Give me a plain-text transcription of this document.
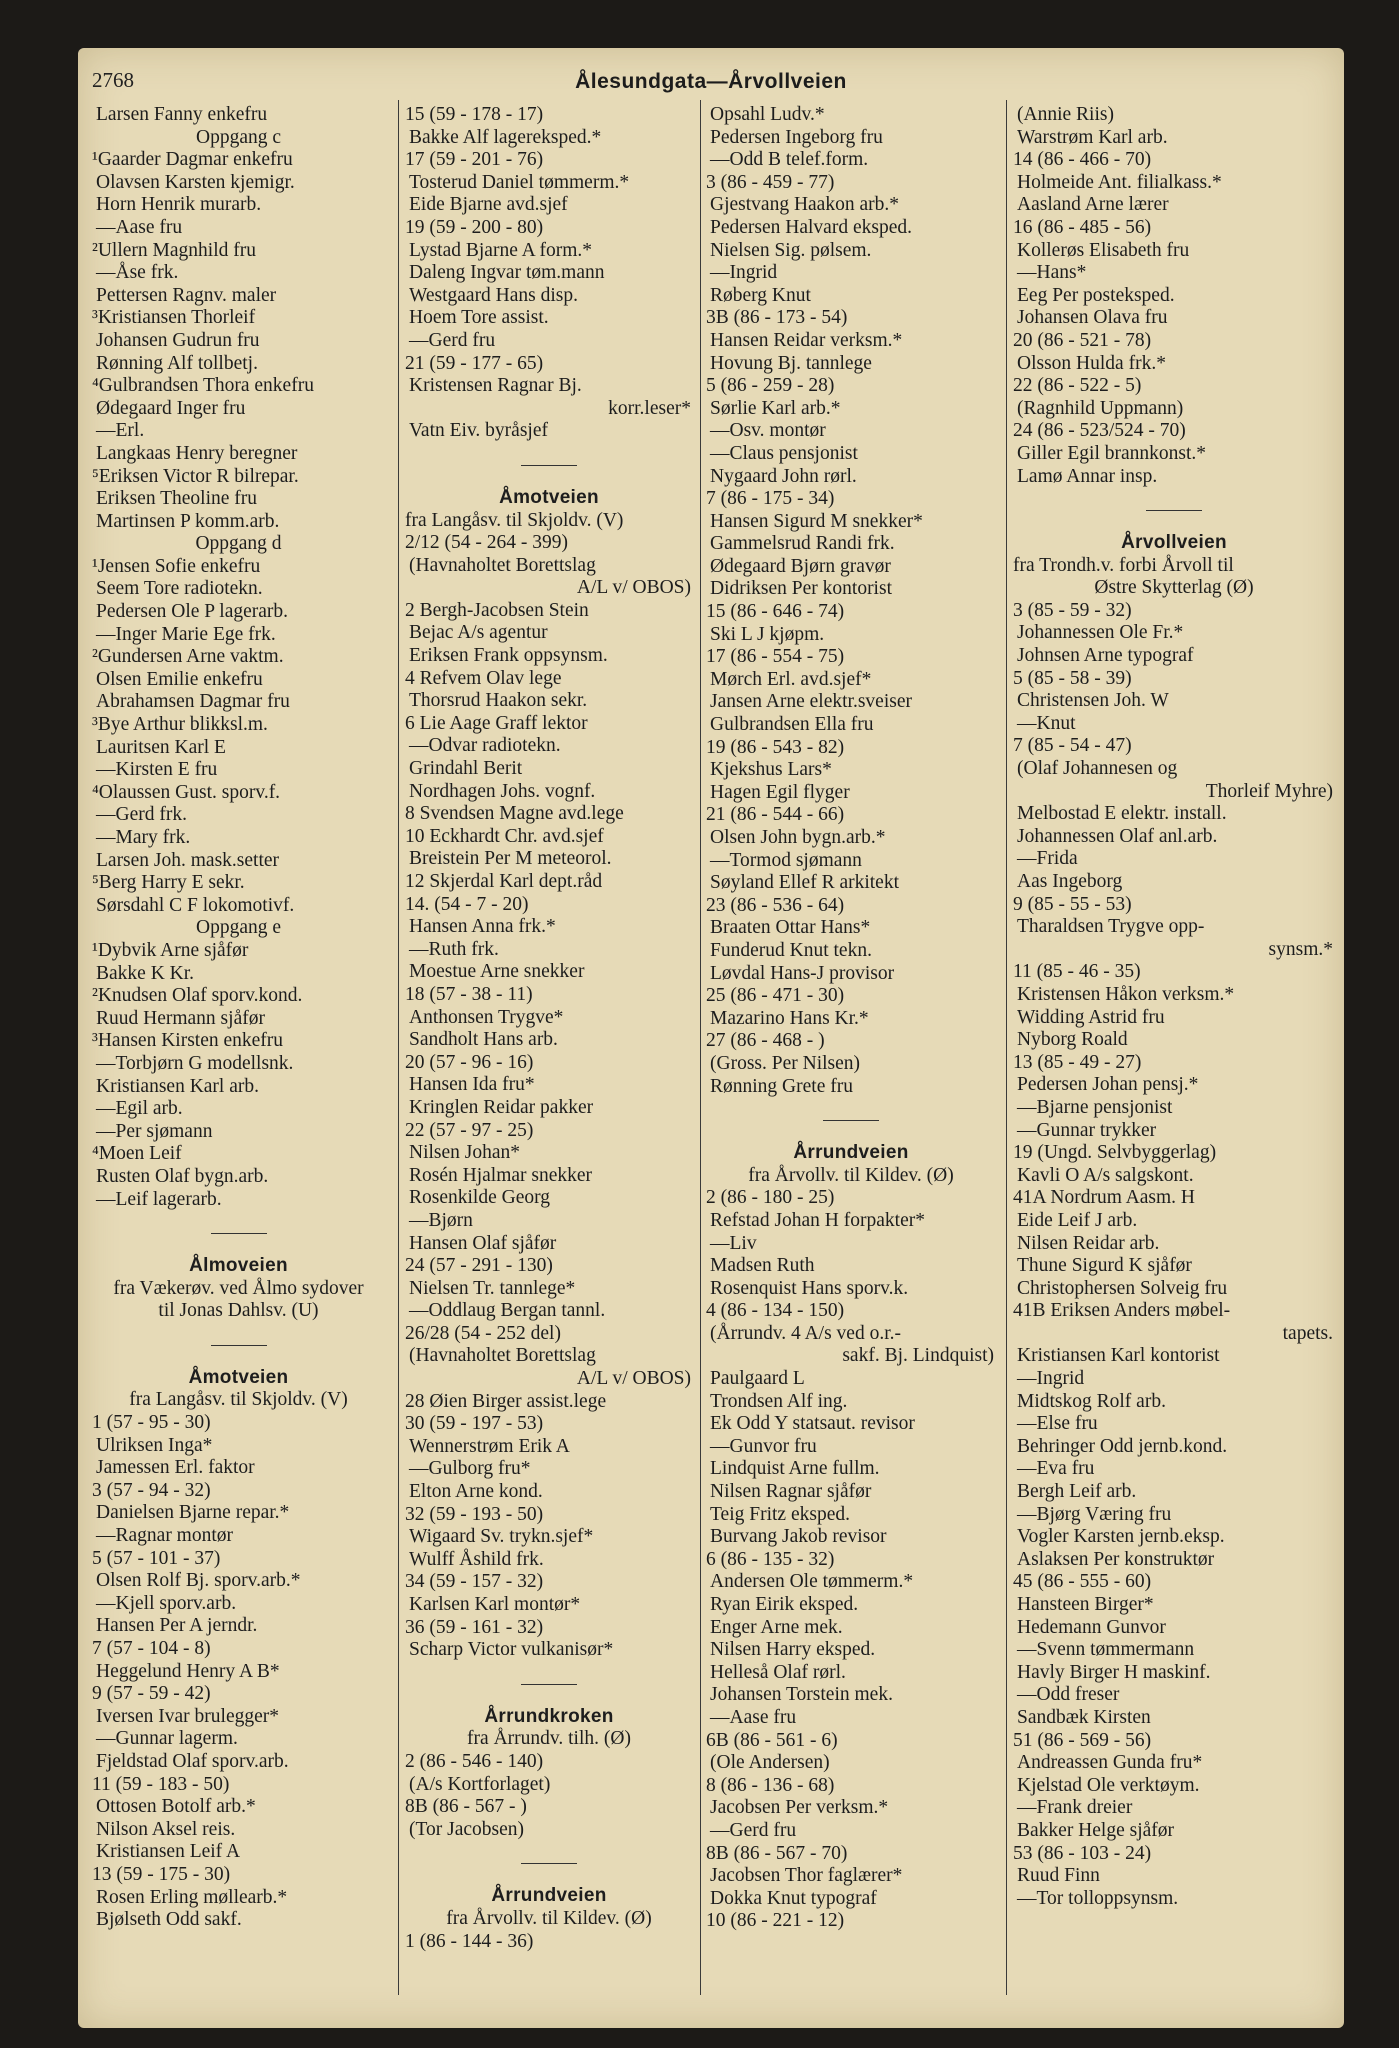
2768	Ålesundgata—Årvollveien
Larsen Fanny enkefru
Oppgang c
¹Gaarder Dagmar enkefru
Olavsen Karsten kjemigr.
Horn Henrik murarb.
—Aase fru
²Ullern Magnhild fru
—Åse frk.
Pettersen Ragnv. maler
³Kristiansen Thorleif
Johansen Gudrun fru
Rønning Alf tollbetj.
⁴Gulbrandsen Thora enkefru
Ødegaard Inger fru
—Erl.
Langkaas Henry beregner
⁵Eriksen Victor R bilrepar.
Eriksen Theoline fru
Martinsen P komm.arb.
Oppgang d
¹Jensen Sofie enkefru
Seem Tore radiotekn.
Pedersen Ole P lagerarb.
—Inger Marie Ege frk.
²Gundersen Arne vaktm.
Olsen Emilie enkefru
Abrahamsen Dagmar fru
³Bye Arthur blikksl.m.
Lauritsen Karl E
—Kirsten E fru
⁴Olaussen Gust. sporv.f.
—Gerd frk.
—Mary frk.
Larsen Joh. mask.setter
⁵Berg Harry E sekr.
Sørsdahl C F lokomotivf.
Oppgang e
¹Dybvik Arne sjåfør
Bakke K Kr.
²Knudsen Olaf sporv.kond.
Ruud Hermann sjåfør
³Hansen Kirsten enkefru
—Torbjørn G modellsnk.
Kristiansen Karl arb.
—Egil arb.
—Per sjømann
⁴Moen Leif
Rusten Olaf bygn.arb.
—Leif lagerarb.
Ålmoveien
fra Vækerøv. ved Ålmo sydover
til Jonas Dahlsv. (U)
Åmotveien
fra Langåsv. til Skjoldv. (V)
1 (57 - 95 - 30)
Ulriksen Inga*
Jamessen Erl. faktor
3 (57 - 94 - 32)
Danielsen Bjarne repar.*
—Ragnar montør
5 (57 - 101 - 37)
Olsen Rolf Bj. sporv.arb.*
—Kjell sporv.arb.
Hansen Per A jerndr.
7 (57 - 104 - 8)
Heggelund Henry A B*
9 (57 - 59 - 42)
Iversen Ivar brulegger*
—Gunnar lagerm.
Fjeldstad Olaf sporv.arb.
11 (59 - 183 - 50)
Ottosen Botolf arb.*
Nilson Aksel reis.
Kristiansen Leif A
13 (59 - 175 - 30)
Rosen Erling møllearb.*
Bjølseth Odd sakf.
15 (59 - 178 - 17)
Bakke Alf lagereksped.*
17 (59 - 201 - 76)
Tosterud Daniel tømmerm.*
Eide Bjarne avd.sjef
19 (59 - 200 - 80)
Lystad Bjarne A form.*
Daleng Ingvar tøm.mann
Westgaard Hans disp.
Hoem Tore assist.
—Gerd fru
21 (59 - 177 - 65)
Kristensen Ragnar Bj.
korr.leser*
Vatn Eiv. byråsjef
Åmotveien
fra Langåsv. til Skjoldv. (V)
2/12 (54 - 264 - 399)
(Havnaholtet Borettslag
A/L v/ OBOS)
2 Bergh-Jacobsen Stein
Bejac A/s agentur
Eriksen Frank oppsynsm.
4 Refvem Olav lege
Thorsrud Haakon sekr.
6 Lie Aage Graff lektor
—Odvar radiotekn.
Grindahl Berit
Nordhagen Johs. vognf.
8 Svendsen Magne avd.lege
10 Eckhardt Chr. avd.sjef
Breistein Per M meteorol.
12 Skjerdal Karl dept.råd
14. (54 - 7 - 20)
Hansen Anna frk.*
—Ruth frk.
Moestue Arne snekker
18 (57 - 38 - 11)
Anthonsen Trygve*
Sandholt Hans arb.
20 (57 - 96 - 16)
Hansen Ida fru*
Kringlen Reidar pakker
22 (57 - 97 - 25)
Nilsen Johan*
Rosén Hjalmar snekker
Rosenkilde Georg
—Bjørn
Hansen Olaf sjåfør
24 (57 - 291 - 130)
Nielsen Tr. tannlege*
—Oddlaug Bergan tannl.
26/28 (54 - 252 del)
(Havnaholtet Borettslag
A/L v/ OBOS)
28 Øien Birger assist.lege
30 (59 - 197 - 53)
Wennerstrøm Erik A
—Gulborg fru*
Elton Arne kond.
32 (59 - 193 - 50)
Wigaard Sv. trykn.sjef*
Wulff Åshild frk.
34 (59 - 157 - 32)
Karlsen Karl montør*
36 (59 - 161 - 32)
Scharp Victor vulkanisør*
Årrundkroken
fra Årrundv. tilh. (Ø)
2 (86 - 546 - 140)
(A/s Kortforlaget)
8B (86 - 567 - )
(Tor Jacobsen)
Årrundveien
fra Årvollv. til Kildev. (Ø)
1 (86 - 144 - 36)
Opsahl Ludv.*
Pedersen Ingeborg fru
—Odd B telef.form.
3 (86 - 459 - 77)
Gjestvang Haakon arb.*
Pedersen Halvard eksped.
Nielsen Sig. pølsem.
—Ingrid
Røberg Knut
3B (86 - 173 - 54)
Hansen Reidar verksm.*
Hovung Bj. tannlege
5 (86 - 259 - 28)
Sørlie Karl arb.*
—Osv. montør
—Claus pensjonist
Nygaard John rørl.
7 (86 - 175 - 34)
Hansen Sigurd M snekker*
Gammelsrud Randi frk.
Ødegaard Bjørn gravør
Didriksen Per kontorist
15 (86 - 646 - 74)
Ski L J kjøpm.
17 (86 - 554 - 75)
Mørch Erl. avd.sjef*
Jansen Arne elektr.sveiser
Gulbrandsen Ella fru
19 (86 - 543 - 82)
Kjekshus Lars*
Hagen Egil flyger
21 (86 - 544 - 66)
Olsen John bygn.arb.*
—Tormod sjømann
Søyland Ellef R arkitekt
23 (86 - 536 - 64)
Braaten Ottar Hans*
Funderud Knut tekn.
Løvdal Hans-J provisor
25 (86 - 471 - 30)
Mazarino Hans Kr.*
27 (86 - 468 - )
(Gross. Per Nilsen)
Rønning Grete fru
Årrundveien
fra Årvollv. til Kildev. (Ø)
2 (86 - 180 - 25)
Refstad Johan H forpakter*
—Liv
Madsen Ruth
Rosenquist Hans sporv.k.
4 (86 - 134 - 150)
(Årrundv. 4 A/s ved o.r.-
sakf. Bj. Lindquist)
Paulgaard L
Trondsen Alf ing.
Ek Odd Y statsaut. revisor
—Gunvor fru
Lindquist Arne fullm.
Nilsen Ragnar sjåfør
Teig Fritz eksped.
Burvang Jakob revisor
6 (86 - 135 - 32)
Andersen Ole tømmerm.*
Ryan Eirik eksped.
Enger Arne mek.
Nilsen Harry eksped.
Helleså Olaf rørl.
Johansen Torstein mek.
—Aase fru
6B (86 - 561 - 6)
(Ole Andersen)
8 (86 - 136 - 68)
Jacobsen Per verksm.*
—Gerd fru
8B (86 - 567 - 70)
Jacobsen Thor faglærer*
Dokka Knut typograf
10 (86 - 221 - 12)
(Annie Riis)
Warstrøm Karl arb.
14 (86 - 466 - 70)
Holmeide Ant. filialkass.*
Aasland Arne lærer
16 (86 - 485 - 56)
Kollerøs Elisabeth fru
—Hans*
Eeg Per posteksped.
Johansen Olava fru
20 (86 - 521 - 78)
Olsson Hulda frk.*
22 (86 - 522 - 5)
(Ragnhild Uppmann)
24 (86 - 523/524 - 70)
Giller Egil brannkonst.*
Lamø Annar insp.
Årvollveien
fra Trondh.v. forbi Årvoll til
Østre Skytterlag (Ø)
3 (85 - 59 - 32)
Johannessen Ole Fr.*
Johnsen Arne typograf
5 (85 - 58 - 39)
Christensen Joh. W
—Knut
7 (85 - 54 - 47)
(Olaf Johannesen og
Thorleif Myhre)
Melbostad E elektr. install.
Johannessen Olaf anl.arb.
—Frida
Aas Ingeborg
9 (85 - 55 - 53)
Tharaldsen Trygve opp-
synsm.*
11 (85 - 46 - 35)
Kristensen Håkon verksm.*
Widding Astrid fru
Nyborg Roald
13 (85 - 49 - 27)
Pedersen Johan pensj.*
—Bjarne pensjonist
—Gunnar trykker
19 (Ungd. Selvbyggerlag)
Kavli O A/s salgskont.
41A Nordrum Aasm. H
Eide Leif J arb.
Nilsen Reidar arb.
Thune Sigurd K sjåfør
Christophersen Solveig fru
41B Eriksen Anders møbel-
tapets.
Kristiansen Karl kontorist
—Ingrid
Midtskog Rolf arb.
—Else fru
Behringer Odd jernb.kond.
—Eva fru
Bergh Leif arb.
—Bjørg Væring fru
Vogler Karsten jernb.eksp.
Aslaksen Per konstruktør
45 (86 - 555 - 60)
Hansteen Birger*
Hedemann Gunvor
—Svenn tømmermann
Havly Birger H maskinf.
—Odd freser
Sandbæk Kirsten
51 (86 - 569 - 56)
Andreassen Gunda fru*
Kjelstad Ole verktøym.
—Frank dreier
Bakker Helge sjåfør
53 (86 - 103 - 24)
Ruud Finn
—Tor tolloppsynsm.
